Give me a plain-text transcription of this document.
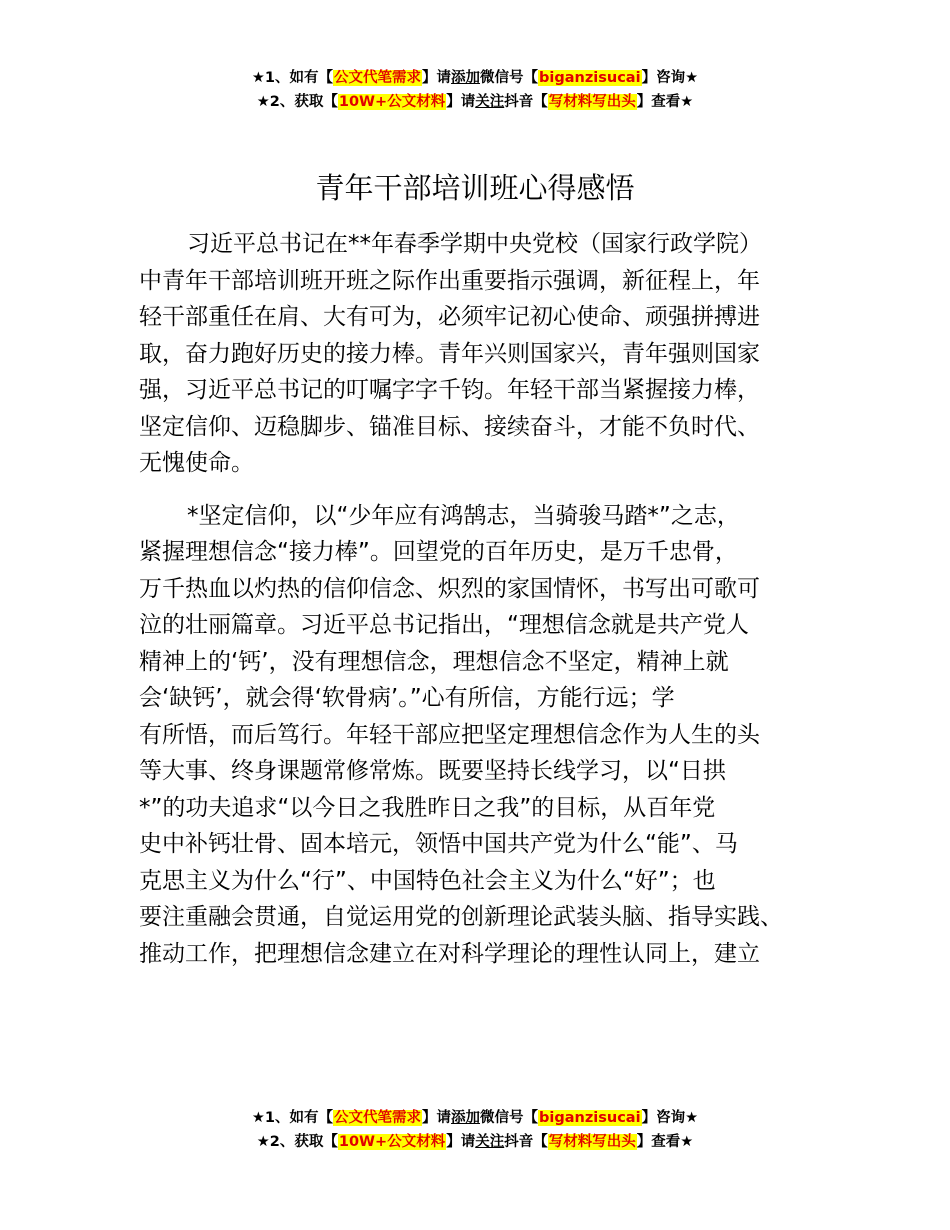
★1、如有【公文代笔需求】请添加微信号【biganzisucai】咨询★
★2、获取【10W+公文材料】请关注抖音【写材料写出头】查看★
青年干部培训班心得感悟
习近平总书记在**年春季学期中央党校（国家行政学院）
中青年干部培训班开班之际作出重要指示强调，新征程上，年
轻干部重任在肩、大有可为，必须牢记初心使命、顽强拼搏进
取，奋力跑好历史的接力棒。青年兴则国家兴，青年强则国家
强，习近平总书记的叮嘱字字千钧。年轻干部当紧握接力棒，
坚定信仰、迈稳脚步、锚准目标、接续奋斗，才能不负时代、
无愧使命。
*坚定信仰，以“少年应有鸿鹄志，当骑骏马踏*”之志，
紧握理想信念“接力棒”。回望党的百年历史，是万千忠骨，
万千热血以灼热的信仰信念、炽烈的家国情怀，书写出可歌可
泣的壮丽篇章。习近平总书记指出，“理想信念就是共产党人
精神上的‘钙’，没有理想信念，理想信念不坚定，精神上就
会‘缺钙’，就会得‘软骨病’。”心有所信，方能行远；学
有所悟，而后笃行。年轻干部应把坚定理想信念作为人生的头
等大事、终身课题常修常炼。既要坚持长线学习，以“日拱
*”的功夫追求“以今日之我胜昨日之我”的目标，从百年党
史中补钙壮骨、固本培元，领悟中国共产党为什么“能”、马
克思主义为什么“行”、中国特色社会主义为什么“好”；也
要注重融会贯通，自觉运用党的创新理论武装头脑、指导实践、
推动工作，把理想信念建立在对科学理论的理性认同上，建立
★1、如有【公文代笔需求】请添加微信号【biganzisucai】咨询★
★2、获取【10W+公文材料】请关注抖音【写材料写出头】查看★
